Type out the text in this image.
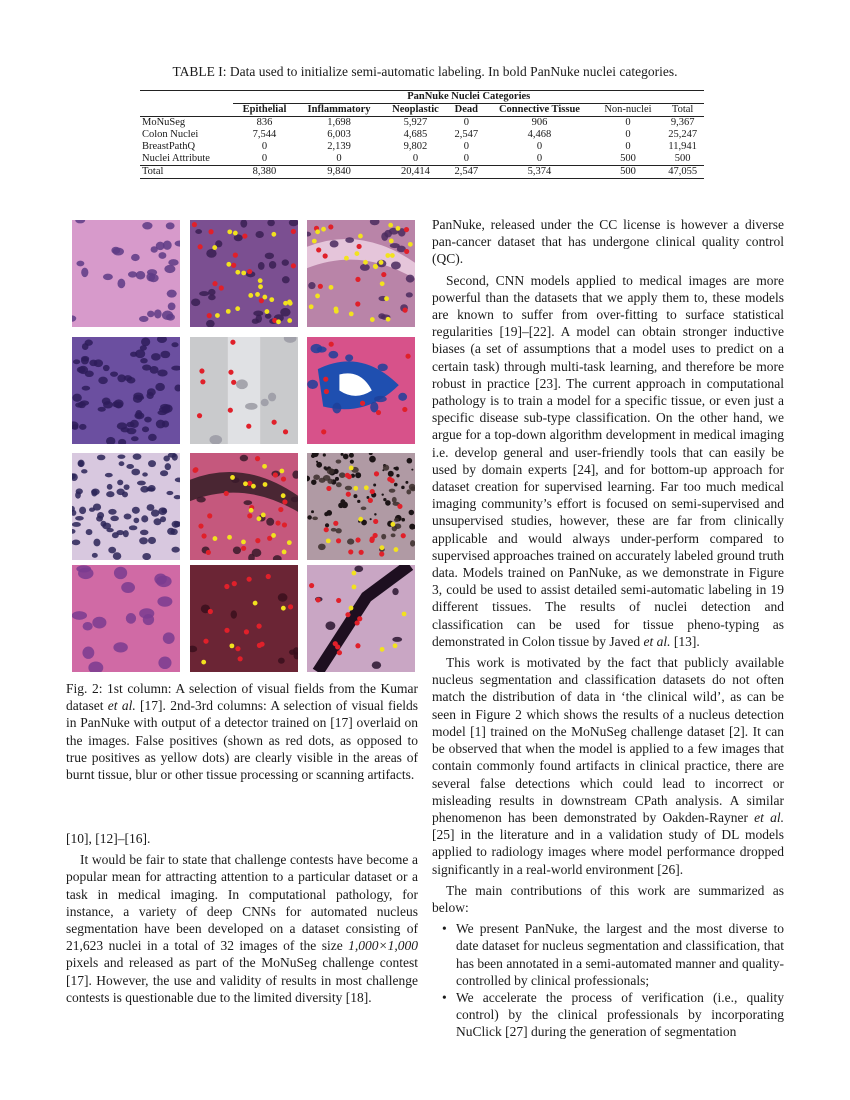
TABLE I: Data used to initialize semi-automatic labeling. In bold PanNuke nuclei categories.
	PanNuke Nuclei Categories						
	Epithelial	Inflammatory	Neoplastic	Dead	Connective Tissue	Non-nuclei	Total
MoNuSeg	836	1,698	5,927	0	906	0	9,367
Colon Nuclei	7,544	6,003	4,685	2,547	4,468	0	25,247
BreastPathQ	0	2,139	9,802	0	0	0	11,941
Nuclei Attribute	0	0	0	0	0	500	500
Total	8,380	9,840	20,414	2,547	5,374	500	47,055
Fig. 2: 1st column: A selection of visual fields from the Kumar dataset et al. [17]. 2nd-3rd columns: A selection of visual fields in PanNuke with output of a detector trained on [17] overlaid on the images. False positives (shown as red dots, as opposed to true positives as yellow dots) are clearly visible in the areas of burnt tissue, blur or other tissue processing or scanning artifacts.

[10], [12]–[16].

It would be fair to state that challenge contests have become a popular mean for attracting attention to a particular dataset or a task in medical imaging. In computational pathology, for instance, a variety of deep CNNs for automated nucleus segmentation have been developed on a dataset consisting of 21,623 nuclei in a total of 32 images of the size 1,000×1,000 pixels and released as part of the MoNuSeg challenge contest [17]. However, the use and validity of results in most challenge contests is questionable due to the limited diversity [18].

PanNuke, released under the CC license is however a diverse pan-cancer dataset that has undergone clinical quality control (QC).

Second, CNN models applied to medical images are more powerful than the datasets that we apply them to, these models are known to suffer from over-fitting to surface statistical regularities [19]–[22]. A model can obtain stronger inductive biases (a set of assumptions that a model uses to predict on a certain task) through multi-task learning, and therefore be more robust in practice [23]. The current approach in computational pathology is to train a model for a specific tissue, or even just a specific disease sub-type classification. On the other hand, we argue for a top-down algorithm development in medical imaging i.e. develop general and user-friendly tools that can easily be used by domain experts [24], and for bottom-up approach for dataset creation for supervised learning. Far too much medical imaging community’s effort is focused on semi-supervised and unsupervised studies, however, these are far from clinically applicable and would always under-perform compared to supervised approaches trained on accurately labeled ground truth data. Models trained on PanNuke, as we demonstrate in Figure 3, could be used to assist detailed semi-automatic labeling in 19 different tissues. The results of nuclei detection and classification can be used for tissue pheno-typing as demonstrated in Colon tissue by Javed et al. [13].

This work is motivated by the fact that publicly available nucleus segmentation and classification datasets do not often match the distribution of data in ‘the clinical wild’, as can be seen in Figure 2 which shows the results of a nucleus detection model [1] trained on the MoNuSeg challenge dataset [2]. It can be observed that when the model is applied to a few images that contain commonly found artifacts in clinical practice, there are several false detections which could lead to incorrect or misleading results in downstream CPath analysis. A similar phenomenon has been demonstrated by Oakden-Rayner et al. [25] in the literature and in a validation study of DL models applied to radiology images where model performance dropped significantly in a real-world environment [26].

The main contributions of this work are summarized as below:

• We present PanNuke, the largest and the most diverse to date dataset for nucleus segmentation and classification, that has been annotated in a semi-automated manner and quality-controlled by clinical professionals;
• We accelerate the process of verification (i.e., quality control) by the clinical professionals by incorporating NuClick [27] during the generation of segmentation
